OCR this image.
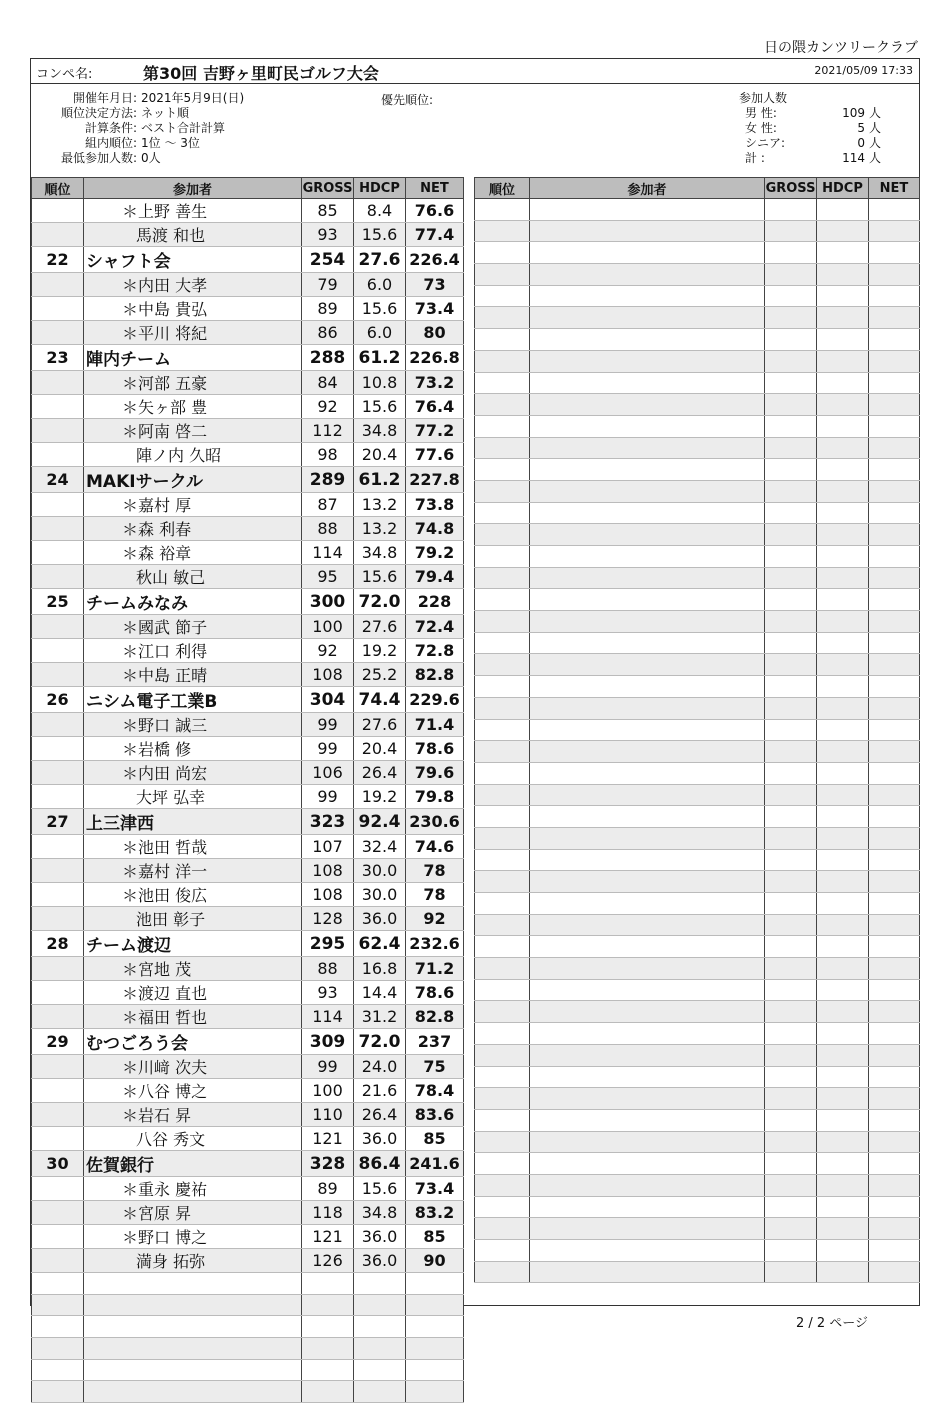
日の隈カンツリークラブ
コンペ名:	第30回 吉野ヶ里町民ゴルフ大会	2021/05/09 17:33
開催年月日: 2021年5月9日(日)
順位決定方法: ネット順
計算条件: ベスト合計計算
組内順位: 1位 ～ 3位
最低参加人数: 0人
優先順位:	参加人数
男 性:	109 人
女 性:	5 人
シニア:	0 人
計 :	114 人
順位	参加者	GROSS	HDCP	NET
	＊上野 善生	85	8.4	76.6
	馬渡 和也	93	15.6	77.4
22	シャフト会	254	27.6	226.4
	＊内田 大孝	79	6.0	73
	＊中島 貴弘	89	15.6	73.4
	＊平川 将紀	86	6.0	80
23	陣内チーム	288	61.2	226.8
	＊河部 五豪	84	10.8	73.2
	＊矢ヶ部 豊	92	15.6	76.4
	＊阿南 啓二	112	34.8	77.2
	陣ノ内 久昭	98	20.4	77.6
24	MAKIサークル	289	61.2	227.8
	＊嘉村 厚	87	13.2	73.8
	＊森 利春	88	13.2	74.8
	＊森 裕章	114	34.8	79.2
	秋山 敏己	95	15.6	79.4
25	チームみなみ	300	72.0	228
	＊國武 節子	100	27.6	72.4
	＊江口 利得	92	19.2	72.8
	＊中島 正晴	108	25.2	82.8
26	ニシム電子工業B	304	74.4	229.6
	＊野口 誠三	99	27.6	71.4
	＊岩橋 修	99	20.4	78.6
	＊内田 尚宏	106	26.4	79.6
	大坪 弘幸	99	19.2	79.8
27	上三津西	323	92.4	230.6
	＊池田 哲哉	107	32.4	74.6
	＊嘉村 洋一	108	30.0	78
	＊池田 俊広	108	30.0	78
	池田 彰子	128	36.0	92
28	チーム渡辺	295	62.4	232.6
	＊宮地 茂	88	16.8	71.2
	＊渡辺 直也	93	14.4	78.6
	＊福田 哲也	114	31.2	82.8
29	むつごろう会	309	72.0	237
	＊川﨑 次夫	99	24.0	75
	＊八谷 博之	100	21.6	78.4
	＊岩石 昇	110	26.4	83.6
	八谷 秀文	121	36.0	85
30	佐賀銀行	328	86.4	241.6
	＊重永 慶祐	89	15.6	73.4
	＊宮原 昇	118	34.8	83.2
	＊野口 博之	121	36.0	85
	満身 拓弥	126	36.0	90

順位	参加者	GROSS	HDCP	NET

2 / 2 ページ
